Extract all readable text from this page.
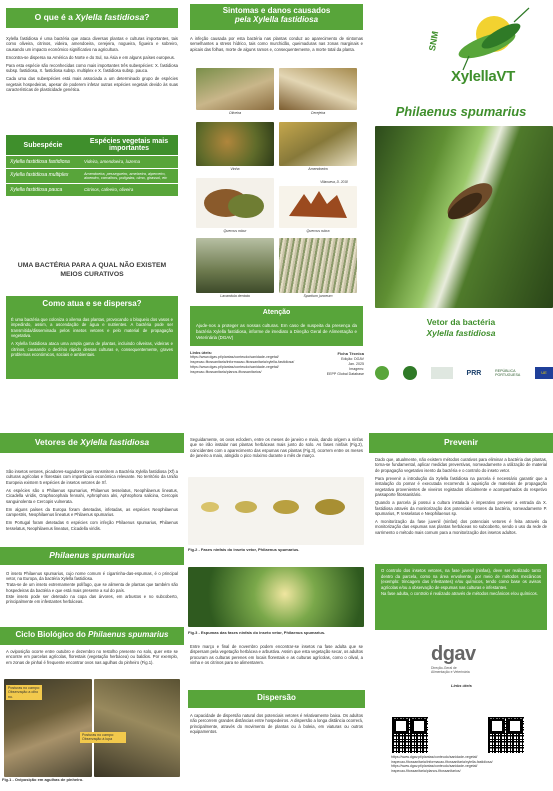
O que é a Xylella fastidiosa?

Xylella fastidiosa é uma bactéria que ataca diversas plantas e culturas importantes, tais como oliveira, citrinos, videira, amendoeira, cerejeira, nogueira, figueira e sobreiro, causando um impacto económico significativo na agricultura.

Encontra-se dispersa na América do Norte e do Sul, na Ásia e em alguns países europeus.

Para esta espécie são reconhecidas como mais importantes três subespécies: X. fastidiosa subsp. fastidiosa, X. fastidiosa subsp. multiplex e X. fastidiosa subsp. pauca.

Cada uma das subespécies está mais associada a um determinado grupo de espécies vegetais hospedeiras, apesar de poderem infetar outras espécies vegetais devido às suas características de plasticidade genética.

Subespécie	Espécies vegetais mais importantes
Xylella fastidiosa fastidiosa	Videira, amendoeira, luzerna
Xylella fastidiosa multiplex	Amendoeira, pessegueiro, ameixeira, alperceiro, aloendro, carvalhos, polígalas, olmo, girassol, etc
Xylella fastidiosa pauca	Citrinos, cafeeiro, oliveira
UMA BACTÉRIA PARA A QUAL NÃO EXISTEM MEIOS CURATIVOS
Como atua e se dispersa?

É uma bactéria que coloniza o xilema das plantas, provocando o bloqueio dos vasos e impedindo, assim, a ascendação de água e nutrientes. A bactéria pode ser transmitida/disseminada pelos insetos vetores e pelo material de propagação vegetativa.

A Xylella fastidiosa ataca uma ampla gama de plantas, incluindo oliveiras, videiras e citrinos, causando o declínio rápido dessas culturas e, consequentemente, graves problemas económicos, sociais e ambientais.

Sintomas e danos causados
pela Xylella fastidiosa
A infeção causada por esta bactéria nas plantas conduz ao aparecimento de sintomas semelhantes a stress hídrico, tais como murchidão, queimaduras nas zonas marginais e apicais das folhas, morte de alguns ramos e, consequentemente, a morte total da planta.
Oliveira	Cerejeira
Vinha	Amendoeira
Quercus robur
Villanueva, D. 2018
Quercus rubra
Lavandula dentata	Spartium junceum
Atenção
Ajude-nos a proteger as nossas culturas. Em caso de suspeita da presença da bactéria Xylella fastidiosa, informe de imediato a Direção Geral de Alimentação e Veterinária (DGAV)
Links úteis:
https://www.dgav.pt/plantas/conteudo/sanidade-vegetal/
inspecao-fitossanitaria/informacao-fitossanitaria/xylella-fastidiosa/
https://www.dgav.pt/plantas/conteudo/sanidade-vegetal/
inspecao-fitossanitaria/planos-fitossanitarios/
Ficha Técnica
Edição: DGAV
Jan. 2025
Imagens:
EEPP Global Database
SNM
XylellaVT
Philaenus spumarius
Vetor da bactéria
Xylella fastidiosa
PRR	REPÚBLICA PORTUGUESA	UE
Vetores de Xylella fastidiosa

São insetos vetores, picadores-sugadores que transmitem a Bactéria Xylella fastidiosa (Xf) a culturas agrícolas e florestais com importância económica relevante. No território da União Europeia existem 5 espécies de insetos vetores de Xf.

As espécies são o Philaenus spumarius, Philaenus tesselatus, Neophilaenus lineatus, Cicadella viridis, Graphocephala fennahi, Aphrophora alni, Aphrophora salicina, Cercopis sanguinolenta e Cercopis vulnerata.

Em alguns países da Europa foram detetadas, infetadas, as espécies Neophilaenus campestris, Neophilaenus lineatus e Philaenus spumarius.

Em Portugal foram detetadas 6 espécies com infeção Philaenus spumarius, Philaenus tesselatus, Neophilaenus lineatus, Cicadella viridis.

Philaenus spumarius

O inseto Philaenus spumarius, cujo nome comum é cigarrinha-das-espumas, é o principal vetor, na Europa, da bactéria Xylella fastidiosa.

Trata-se de um inseto extremamente polífago, que se alimenta de plantas que também são hospedeiras da bactéria e que está mais presente a sul do país.

Este inseto pode ser detetado na copa das árvores, em arbustos e no subcoberto, principalmente em infestantes herbáceas.

Ciclo Biológico do Philaenus spumarius
A oviposição ocorre entre outubro e dezembro no restolho presente no solo, quer este se encontre em parcelas agrícolas, florestais (vegetação herbácea) ou baldios. Por exemplo, em zonas de pinhal é frequente encontrar ovos nas agulhas do pinheiro (Fig.1).
Posturas no campo: Observação a olho nu.
Posturas no campo: Observação à lupa
Fig.1 - Oviposição em agulhas de pinheiro.
Seguidamente, os ovos eclodem, entre os meses de janeiro e maio, dando origem a ninfas que se irão instalar nas plantas herbáceas mais junto do solo. As fases ninfais (Fig.2), coincidentes com o aparecimento das espumas nas plantas (Fig.3), ocorrem entre os meses de janeiro a maio, atingido o pico máximo durante o mês de março.
Fig.2 - Fases ninfais do inseto vetor, Philaenus spumarius.
Fig.3 - Espumas das fases ninfais do inseto vetor, Philaenus spumarius.
Entre março e final de novembro podem encontrar-se insetos na fase adulta que se dispersam pela vegetação herbácea e arbustiva. Assim que esta vegetação secar, os adultos procuram as culturas perenes em locais florestais e as culturas agrícolas, como o olival, a vinha e os citrinos para se alimentarem.
Dispersão
A capacidade de dispersão natural dos potenciais vetores é relativamente baixa. Os adultos não percorrem grandes distâncias entre hospedeiros. A dispersão a longa distância ocorrerá, principalmente, através do movimento de plantas ou à boleia, em viaturas ou outros equipamentos.
Prevenir

Dado que, atualmente, não existem métodos curativos para eliminar a bactéria das plantas, torna-se fundamental, aplicar medidas preventivas, nomeadamente a utilização de material de propagação vegetativo isento da bactéria e o controlo do inseto vetor.

Para prevenir a introdução da Xylella fastidiosa na parcela é necessário garantir que a instalação do pomar é executada recorrendo à aquisição de materiais de propagação vegetativa provenientes de viveiros registados oficialmente e acompanhados do respetivo passaporte fitossanitário.

Quando a parcela já possui a cultura instalada é imperativo prevenir a entrada da X. fastidiosa através da monitorização dos potenciais vetores da bactéria, nomeadamente P. spumarius, P. tesselatus e Neophilaenus sp.

A monitorização da fase juvenil (ninfas) dos potenciais vetores é feita através da monitorização das espumas nas plantas herbáceas no subcoberto, sendo o uso da rede de varrimento o método mais comum para a monitorização dos insetos adultos.

O controlo dos insetos vetores, na fase juvenil (ninfas), deve ser realizado tanto dentro da parcela, como na área envolvente, por meio de métodos mecânicos (exemplo: trincagem das infestantes) e/ou químicos, tendo como base os avisos agrícolas e/ou a observação de espumas nas culturas e infestantes.
Na fase adulta, o controlo é realizado através de métodos mecânicos e/ou químicos.
dgav
Direção-Geral de Alimentação e Veterinária
Links úteis
https://www.dgav.pt/plantas/conteudo/sanidade-vegetal/
inspecao-fitossanitaria/informacao-fitossanitaria/xylella-fastidiosa/
https://www.dgav.pt/plantas/conteudo/sanidade-vegetal/
inspecao-fitossanitaria/planos-fitossanitarios/
